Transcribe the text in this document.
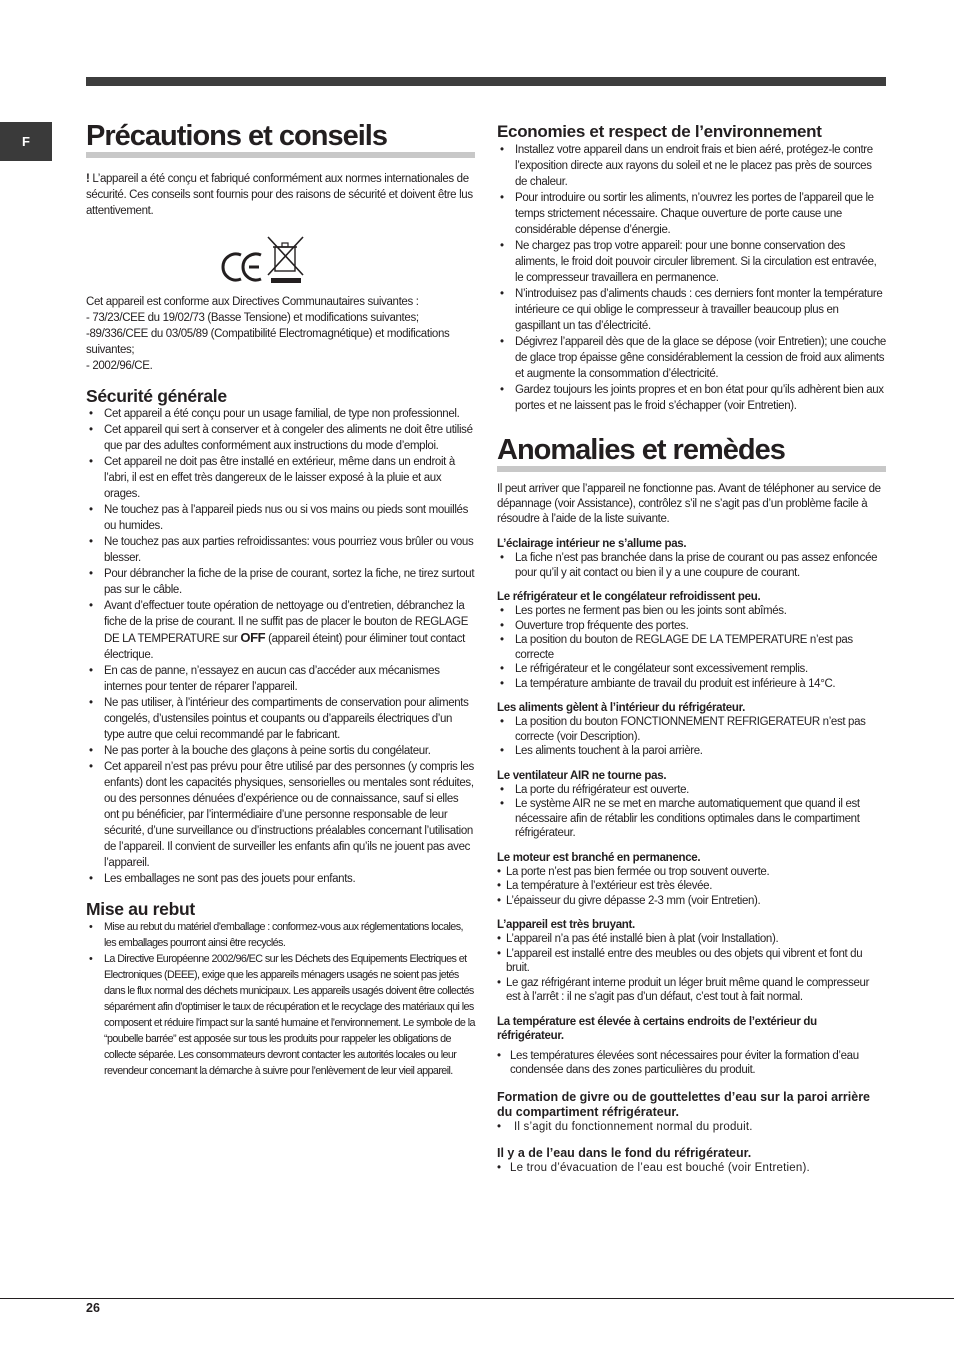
F	Précautions et conseils

! L’appareil a été conçu et fabriqué conformément aux normes internationales de sécurité. Ces conseils sont fournis pour des raisons de sécurité et doivent être lus attentivement.

Cet appareil est conforme aux Directives Communautaires suivantes :

- 73/23/CEE du 19/02/73 (Basse Tensione) et modifications suivantes;

-89/336/CEE du 03/05/89 (Compatibilité Electromagnétique) et modifications suivantes;

- 2002/96/CE.

Sécurité générale
• Cet appareil a été conçu pour un usage familial, de type non professionnel.
• Cet appareil qui sert à conserver et à congeler des aliments ne doit être utilisé que par des adultes conformément aux instructions du mode d’emploi.
• Cet appareil ne doit pas être installé en extérieur, même dans un endroit à l’abri, il est en effet très dangereux de le laisser exposé à la pluie et aux orages.
• Ne touchez pas à l’appareil pieds nus ou si vos mains ou pieds sont mouillés ou humides.
• Ne touchez pas aux parties refroidissantes: vous pourriez vous brûler ou vous blesser.
• Pour débrancher la fiche de la prise de courant, sortez la fiche, ne tirez surtout pas sur le câble.
• Avant d’effectuer toute opération de nettoyage ou d’entretien, débranchez la fiche de la prise de courant. Il ne suffit pas de placer le bouton de REGLAGE DE LA TEMPERATURE sur OFF (appareil éteint) pour éliminer tout contact électrique.
• En cas de panne, n’essayez en aucun cas d’accéder aux mécanismes internes pour tenter de réparer l’appareil.
• Ne pas utiliser, à l’intérieur des compartiments de conservation pour aliments congelés, d’ustensiles pointus et coupants ou d’appareils électriques d’un type autre que celui recommandé par le fabricant.
• Ne pas porter à la bouche des glaçons à peine sortis du congélateur.
• Cet appareil n’est pas prévu pour être utilisé par des personnes (y compris les enfants) dont les capacités physiques, sensorielles ou mentales sont réduites, ou des personnes dénuées d’expérience ou de connaissance, sauf si elles ont pu bénéficier, par l’intermédiaire d’une personne responsable de leur sécurité, d’une surveillance ou d’instructions préalables concernant l’utilisation de l’appareil. Il convient de surveiller les enfants afin qu’ils ne jouent pas avec l’appareil.
• Les emballages ne sont pas des jouets pour enfants.
Mise au rebut
• Mise au rebut du matériel d’emballage : conformez-vous aux réglementations locales, les emballages pourront ainsi être recyclés.
• La Directive Européenne 2002/96/EC sur les Déchets des Equipements Electriques et Electroniques (DEEE), exige que les appareils ménagers usagés ne soient pas jetés dans le flux normal des déchets municipaux. Les appareils usagés doivent être collectés séparément afin d’optimiser le taux de récupération et le recyclage des matériaux qui les composent et réduire l’impact sur la santé humaine et l’environnement. Le symbole de la “poubelle barrée” est apposée sur tous les produits pour rappeler les obligations de collecte séparée. Les consommateurs devront contacter les autorités locales ou leur revendeur concernant la démarche à suivre pour l’enlèvement de leur vieil appareil.
Economies et respect de l’environnement
• Installez votre appareil dans un endroit frais et bien aéré, protégez-le contre l’exposition directe aux rayons du soleil et ne le placez pas près de sources de chaleur.
• Pour introduire ou sortir les aliments, n’ouvrez les portes de l’appareil que le temps strictement nécessaire. Chaque ouverture de porte cause une considérable dépense d’énergie.
• Ne chargez pas trop votre appareil: pour une bonne conservation des aliments, le froid doit pouvoir circuler librement. Si la circulation est entravée, le compresseur travaillera en permanence.
• N’introduisez pas d’aliments chauds : ces derniers font monter la température intérieure ce qui oblige le compresseur à travailler beaucoup plus en gaspillant un tas d’électricité.
• Dégivrez l’appareil dès que de la glace se dépose (voir Entretien); une couche de glace trop épaisse gêne considérablement la cession de froid aux aliments et augmente la consommation d’électricité.
• Gardez toujours les joints propres et en bon état pour qu’ils adhèrent bien aux portes et ne laissent pas le froid s’échapper (voir Entretien).
Anomalies et remèdes

Il peut arriver que l’appareil ne fonctionne pas. Avant de téléphoner au service de dépannage (voir Assistance), contrôlez s’il ne s’agit pas d’un problème facile à résoudre à l’aide de la liste suivante.

L’éclairage intérieur ne s’allume pas.
• La fiche n’est pas branchée dans la prise de courant ou pas assez enfoncée pour qu’il y ait contact ou bien il y a une coupure de courant.
Le réfrigérateur et le congélateur refroidissent peu.
• Les portes ne ferment pas bien ou les joints sont abîmés.
• Ouverture trop fréquente des portes.
• La position du bouton de REGLAGE DE LA TEMPERATURE n’est pas correcte
• Le réfrigérateur et le congélateur sont excessivement remplis.
• La température ambiante de travail du produit est inférieure à 14°C.
Les aliments gèlent à l’intérieur du réfrigérateur.
• La position du bouton FONCTIONNEMENT REFRIGERATEUR n’est pas correcte (voir Description).
• Les aliments touchent à la paroi arrière.
Le ventilateur AIR ne tourne pas.
• La porte du réfrigérateur est ouverte.
• Le système AIR ne se met en marche automatiquement que quand il est nécessaire afin de rétablir les conditions optimales dans le compartiment réfrigérateur.
Le moteur est branché en permanence.
• La porte n’est pas bien fermée ou trop souvent ouverte.
• La température à l’extérieur est très élevée.
• L’épaisseur du givre dépasse 2-3 mm (voir Entretien).
L’appareil est très bruyant.
• L’appareil n’a pas été installé bien à plat (voir Installation).
• L’appareil est installé entre des meubles ou des objets qui vibrent et font du bruit.
• Le gaz réfrigérant interne produit un léger bruit même quand le compresseur est à l’arrêt : il ne s’agit pas d’un défaut, c’est tout à fait normal.
La température est élevée à certains endroits de l’extérieur du réfrigérateur.
• Les températures élevées sont nécessaires pour éviter la formation d’eau condensée dans des zones particulières du produit.
Formation de givre ou de gouttelettes d’eau sur la paroi arrière du compartiment réfrigérateur.
• Il s’agit du fonctionnement normal du produit.
Il y a de l’eau dans le fond du réfrigérateur.
• Le trou d’évacuation de l’eau est bouché (voir Entretien).
26
